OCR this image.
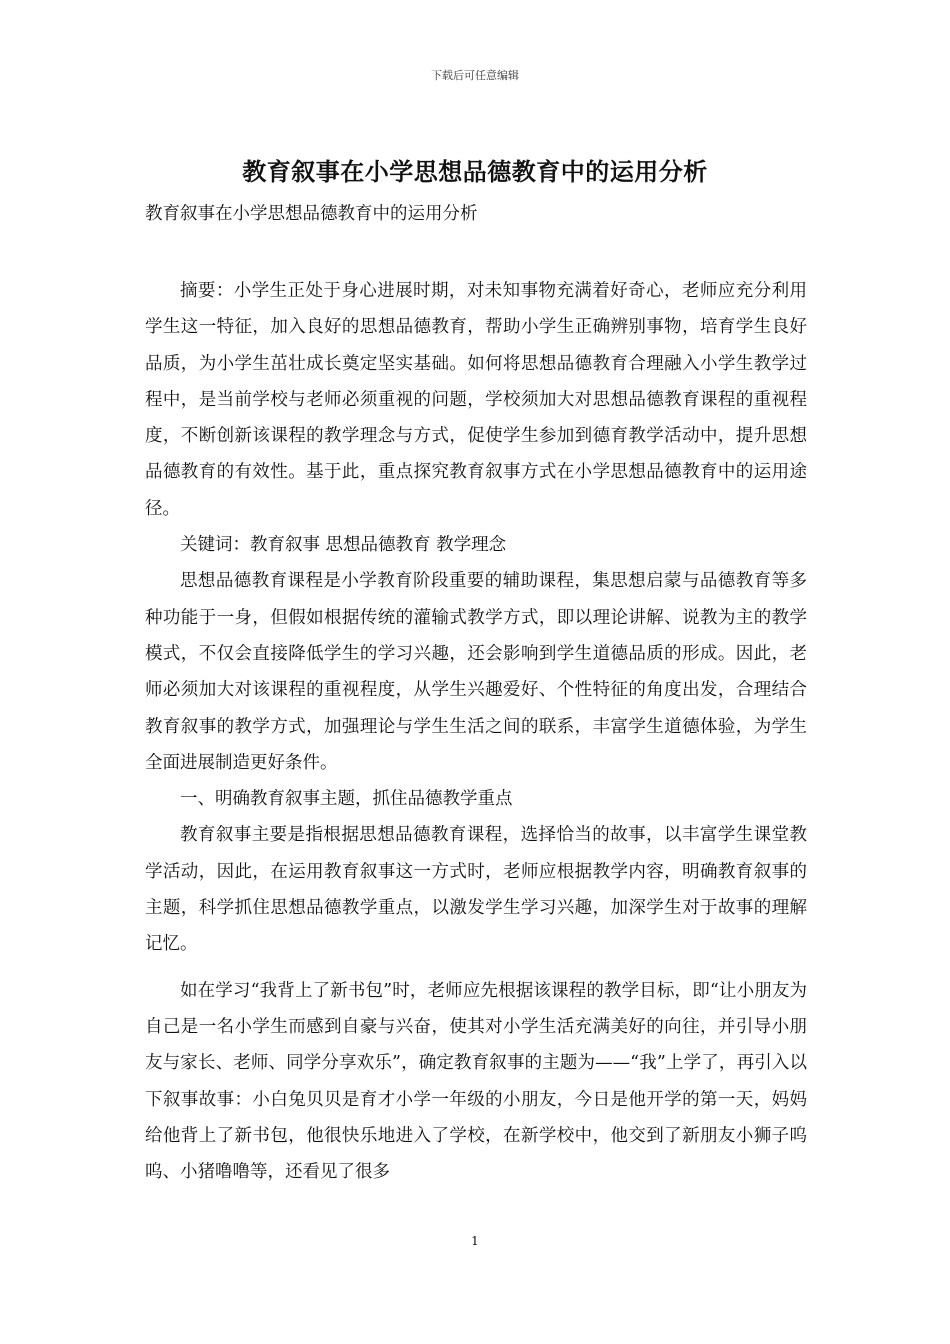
下载后可任意编辑
教育叙事在小学思想品德教育中的运用分析
教育叙事在小学思想品德教育中的运用分析

摘要：小学生正处于身心进展时期，对未知事物充满着好奇心，老师应充分利用学生这一特征，加入良好的思想品德教育，帮助小学生正确辨别事物，培育学生良好品质，为小学生茁壮成长奠定坚实基础。如何将思想品德教育合理融入小学生教学过程中，是当前学校与老师必须重视的问题，学校须加大对思想品德教育课程的重视程度，不断创新该课程的教学理念与方式，促使学生参加到德育教学活动中，提升思想品德教育的有效性。基于此，重点探究教育叙事方式在小学思想品德教育中的运用途径。

关键词：教育叙事 思想品德教育 教学理念

思想品德教育课程是小学教育阶段重要的辅助课程，集思想启蒙与品德教育等多种功能于一身，但假如根据传统的灌输式教学方式，即以理论讲解、说教为主的教学模式，不仅会直接降低学生的学习兴趣，还会影响到学生道德品质的形成。因此，老师必须加大对该课程的重视程度，从学生兴趣爱好、个性特征的角度出发，合理结合教育叙事的教学方式，加强理论与学生生活之间的联系，丰富学生道德体验，为学生全面进展制造更好条件。

一、明确教育叙事主题，抓住品德教学重点

教育叙事主要是指根据思想品德教育课程，选择恰当的故事，以丰富学生课堂教学活动，因此，在运用教育叙事这一方式时，老师应根据教学内容，明确教育叙事的主题，科学抓住思想品德教学重点，以激发学生学习兴趣，加深学生对于故事的理解记忆。

如在学习“我背上了新书包”时，老师应先根据该课程的教学目标，即“让小朋友为自己是一名小学生而感到自豪与兴奋，使其对小学生活充满美好的向往，并引导小朋友与家长、老师、同学分享欢乐”，确定教育叙事的主题为——“我”上学了，再引入以下叙事故事：小白兔贝贝是育才小学一年级的小朋友，今日是他开学的第一天，妈妈给他背上了新书包，他很快乐地进入了学校，在新学校中，他交到了新朋友小狮子呜呜、小猪噜噜等，还看见了很多

1
